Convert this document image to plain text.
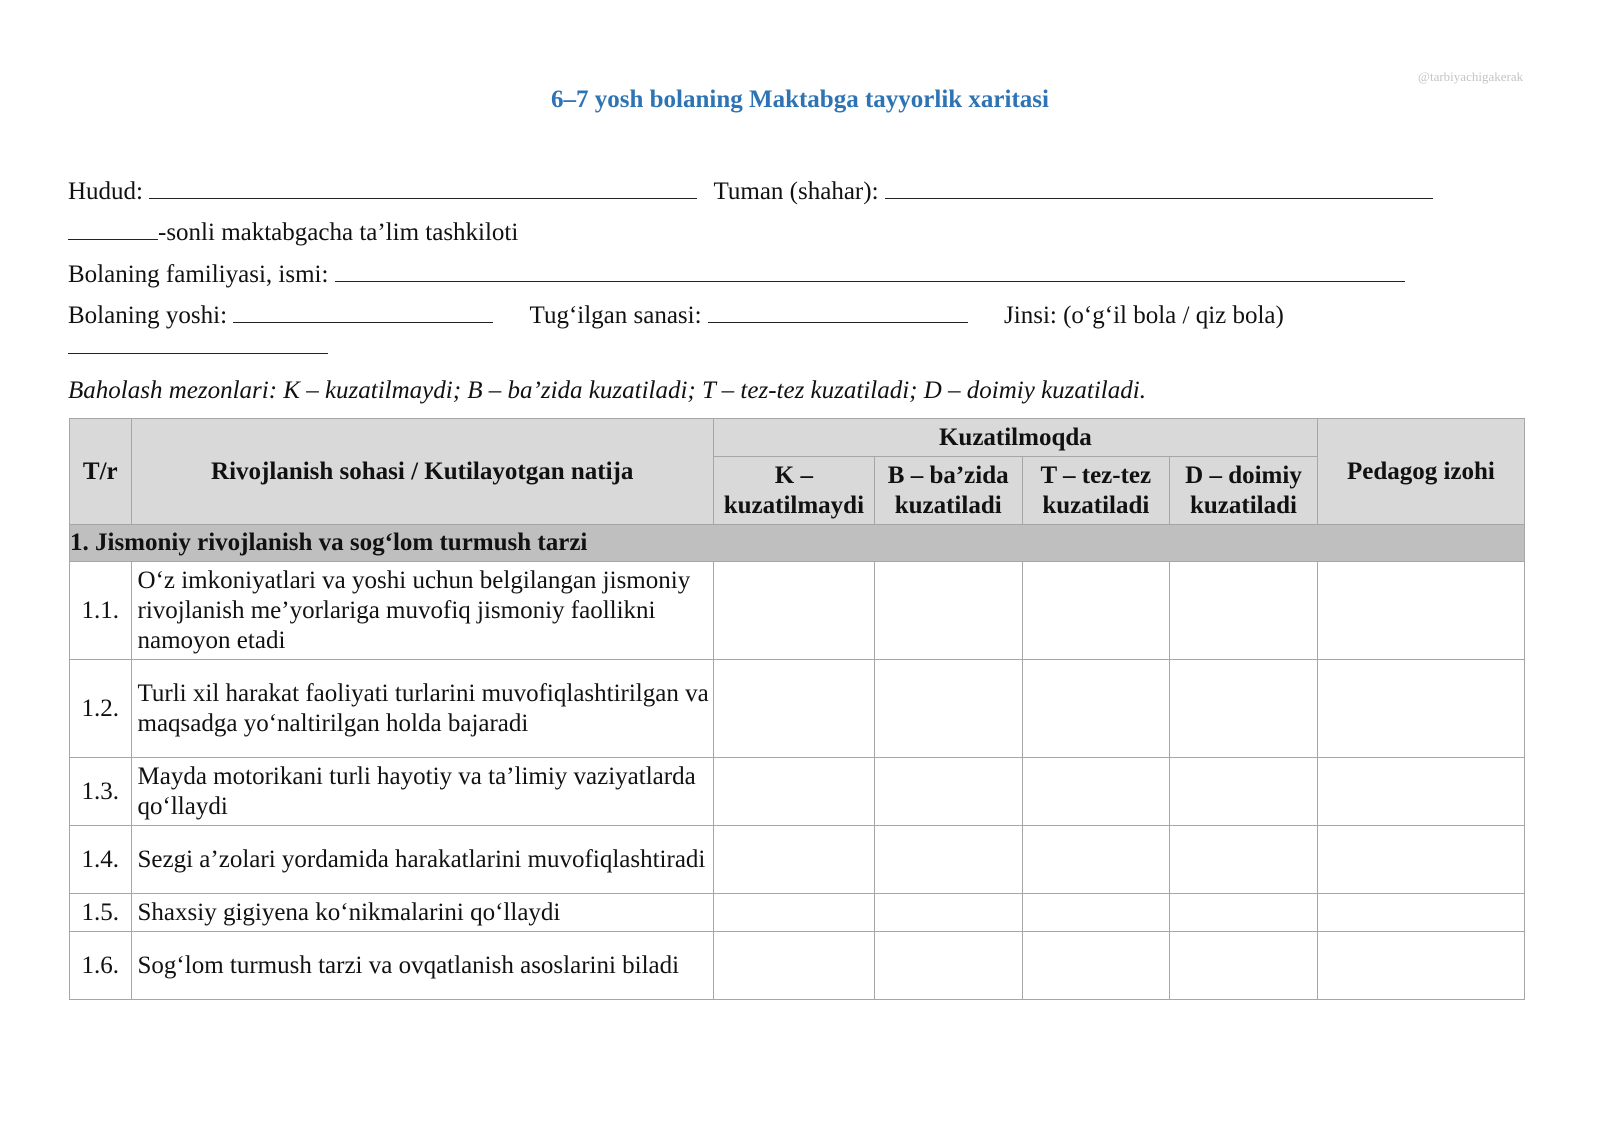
@tarbiyachigakerak
6–7 yosh bolaning Maktabga tayyorlik xaritasi
Hudud:	Tuman (shahar):
-sonli maktabgacha ta’lim tashkiloti
Bolaning familiyasi, ismi:
Bolaning yoshi:	Tug‘ilgan sanasi:	Jinsi: (o‘g‘il bola / qiz bola)
Baholash mezonlari: K – kuzatilmaydi; B – ba’zida kuzatiladi; T – tez-tez kuzatiladi; D – doimiy kuzatiladi.
T/r	Rivojlanish sohasi / Kutilayotgan natija	Kuzatilmoqda				Pedagog izohi
		K – kuzatilmaydi	B – ba’zida kuzatiladi	T – tez-tez kuzatiladi	D – doimiy kuzatiladi	
1. Jismoniy rivojlanish va sog‘lom turmush tarzi						
1.1.	O‘z imkoniyatlari va yoshi uchun belgilangan jismoniy rivojlanish me’yorlariga muvofiq jismoniy faollikni namoyon etadi					
1.2.	Turli xil harakat faoliyati turlarini muvofiqlashtirilgan va maqsadga yo‘naltirilgan holda bajaradi					
1.3.	Mayda motorikani turli hayotiy va ta’limiy vaziyatlarda qo‘llaydi					
1.4.	Sezgi a’zolari yordamida harakatlarini muvofiqlashtiradi					
1.5.	Shaxsiy gigiyena ko‘nikmalarini qo‘llaydi					
1.6.	Sog‘lom turmush tarzi va ovqatlanish asoslarini biladi					
